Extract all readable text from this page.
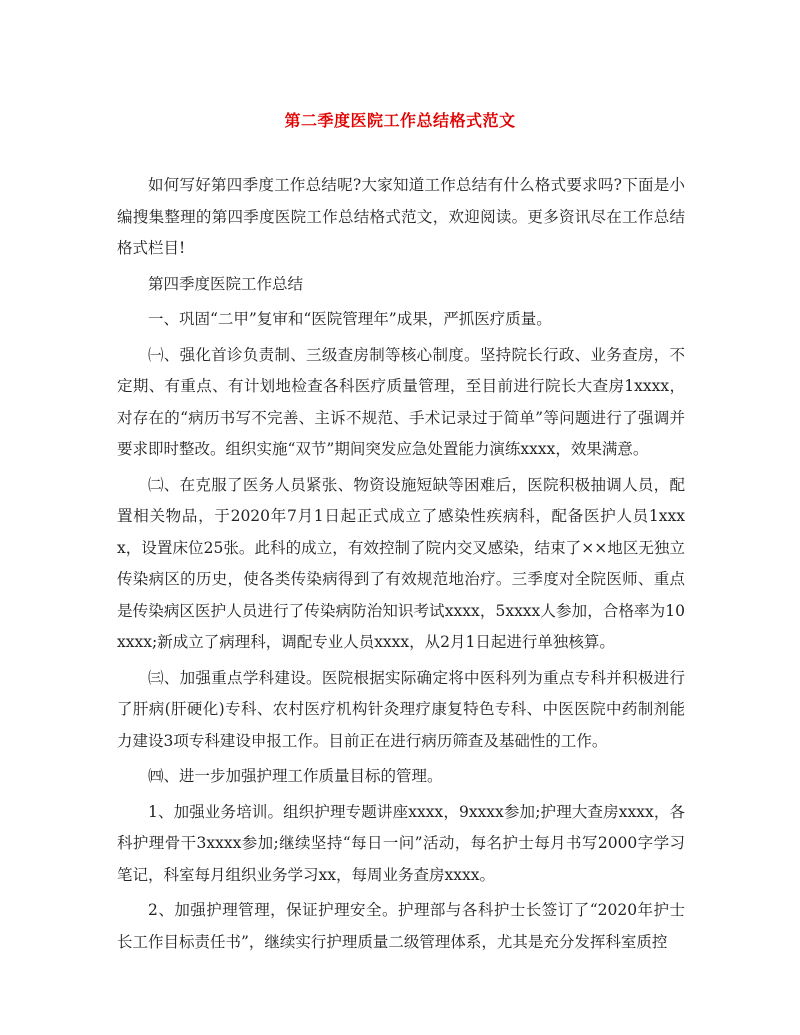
第二季度医院工作总结格式范文

如何写好第四季度工作总结呢?大家知道工作总结有什么格式要求吗?下面是小编搜集整理的第四季度医院工作总结格式范文，欢迎阅读。更多资讯尽在工作总结格式栏目!

第四季度医院工作总结

一、巩固“二甲”复审和“医院管理年”成果，严抓医疗质量。

㈠、强化首诊负责制、三级查房制等核心制度。坚持院长行政、业务查房，不定期、有重点、有计划地检查各科医疗质量管理，至目前进行院长大查房1xxxx，对存在的“病历书写不完善、主诉不规范、手术记录过于简单”等问题进行了强调并要求即时整改。组织实施“双节”期间突发应急处置能力演练xxxx，效果满意。

㈡、在克服了医务人员紧张、物资设施短缺等困难后，医院积极抽调人员，配置相关物品，于2020年7月1日起正式成立了感染性疾病科，配备医护人员1xxxx，设置床位25张。此科的成立，有效控制了院内交叉感染，结束了××地区无独立传染病区的历史，使各类传染病得到了有效规范地治疗。三季度对全院医师、重点是传染病区医护人员进行了传染病防治知识考试xxxx，5xxxx人参加，合格率为10xxxx;新成立了病理科，调配专业人员xxxx，从2月1日起进行单独核算。

㈢、加强重点学科建设。医院根据实际确定将中医科列为重点专科并积极进行了肝病(肝硬化)专科、农村医疗机构针灸理疗康复特色专科、中医医院中药制剂能力建设3项专科建设申报工作。目前正在进行病历筛查及基础性的工作。

㈣、进一步加强护理工作质量目标的管理。

1、加强业务培训。组织护理专题讲座xxxx，9xxxx参加;护理大查房xxxx，各科护理骨干3xxxx参加;继续坚持“每日一问”活动，每名护士每月书写2000字学习笔记，科室每月组织业务学习xx，每周业务查房xxxx。

2、加强护理管理，保证护理安全。护理部与各科护士长签订了“2020年护士长工作目标责任书”，继续实行护理质量二级管理体系，尤其是充分发挥科室质控
